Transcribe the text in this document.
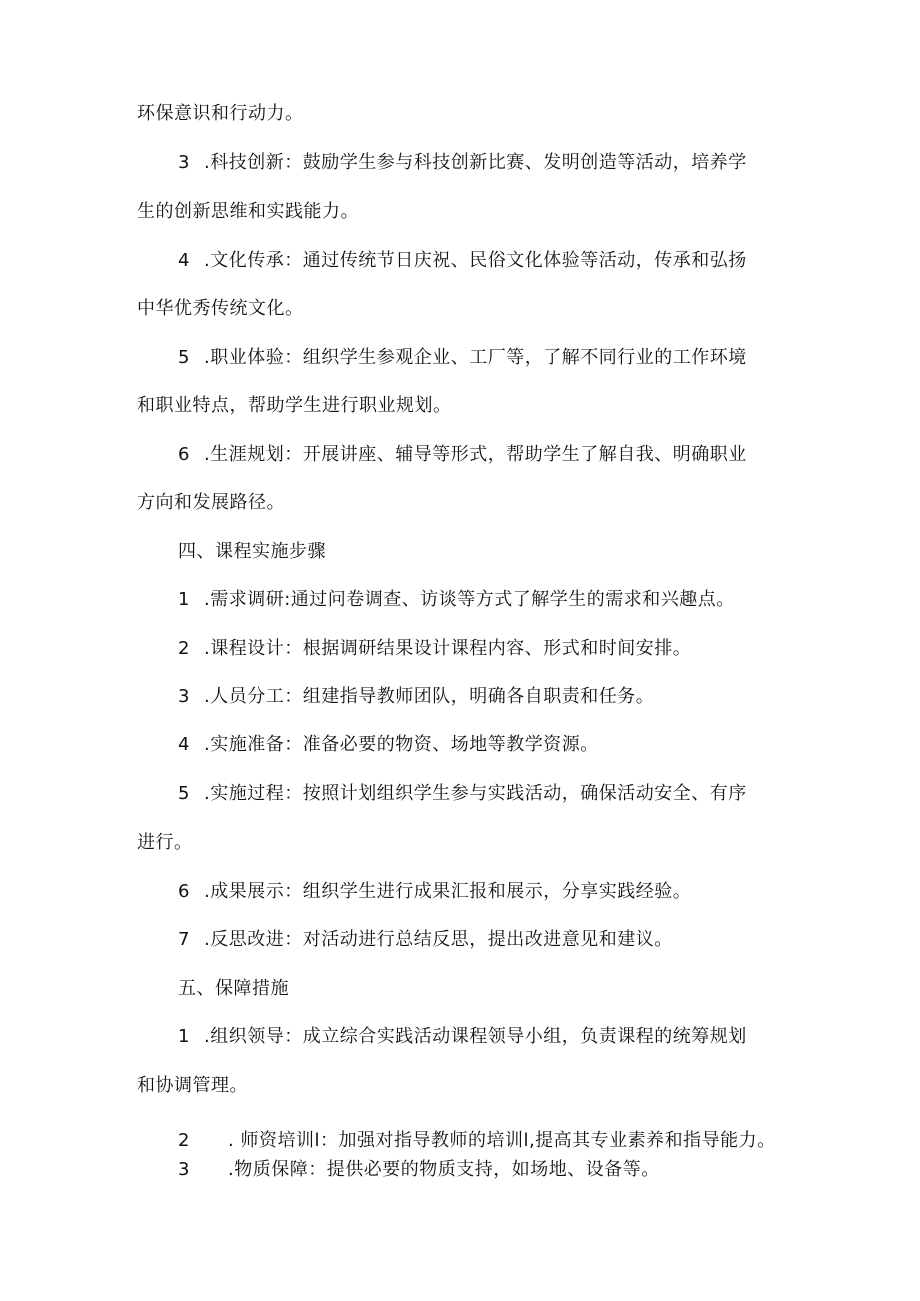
环保意识和行动力。
3 .科技创新：鼓励学生参与科技创新比赛、发明创造等活动，培养学
生的创新思维和实践能力。
4 .文化传承：通过传统节日庆祝、民俗文化体验等活动，传承和弘扬
中华优秀传统文化。
5 .职业体验：组织学生参观企业、工厂等，了解不同行业的工作环境
和职业特点，帮助学生进行职业规划。
6 .生涯规划：开展讲座、辅导等形式，帮助学生了解自我、明确职业
方向和发展路径。
四、课程实施步骤
1 .需求调研:通过问卷调查、访谈等方式了解学生的需求和兴趣点。
2 .课程设计：根据调研结果设计课程内容、形式和时间安排。
3 .人员分工：组建指导教师团队，明确各自职责和任务。
4 .实施准备：准备必要的物资、场地等教学资源。
5 .实施过程：按照计划组织学生参与实践活动，确保活动安全、有序
进行。
6 .成果展示：组织学生进行成果汇报和展示，分享实践经验。
7 .反思改进：对活动进行总结反思，提出改进意见和建议。
五、保障措施
1 .组织领导：成立综合实践活动课程领导小组，负责课程的统筹规划
和协调管理。
2 . 师资培训l：加强对指导教师的培训l,提高其专业素养和指导能力。
3 .物质保障：提供必要的物质支持，如场地、设备等。
